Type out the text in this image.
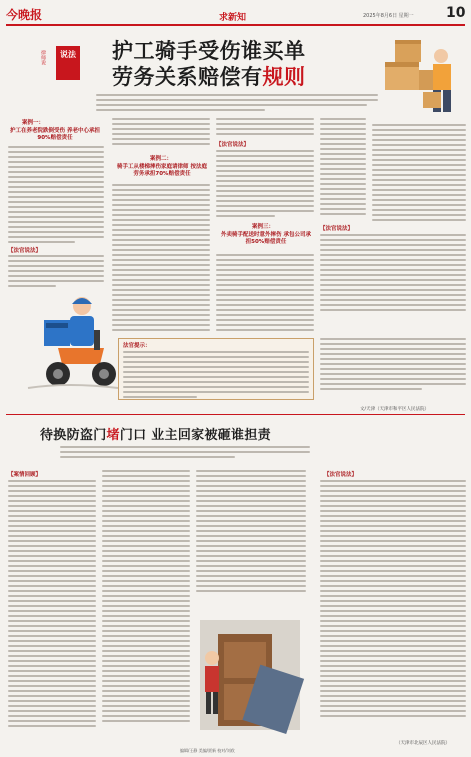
今晚报	求新知	2025年8月6日 星期一 10
说法
律师说	护工骑手受伤谁买单
劳务关系赔偿有规则
案例一：
护工在养老院跌倒受伤 养老中心承担90%赔偿责任
【法官说法】
案例二：
骑手工从楼梯摔伤家庭请律师 按法庭劳务承担70%赔偿责任
【法官说法】
案例三：
外卖骑手配送时意外摔伤 承包公司承担50%赔偿责任
【法官说法】
法官提示：
文/天津（天津市和平区人民法院）
待换防盗门堵门口 业主回家被砸谁担责
【案情回顾】	【法官说法】
（天津市北辰区人民法院）
编辑/王静 美编/贾新 校对/刘欣
